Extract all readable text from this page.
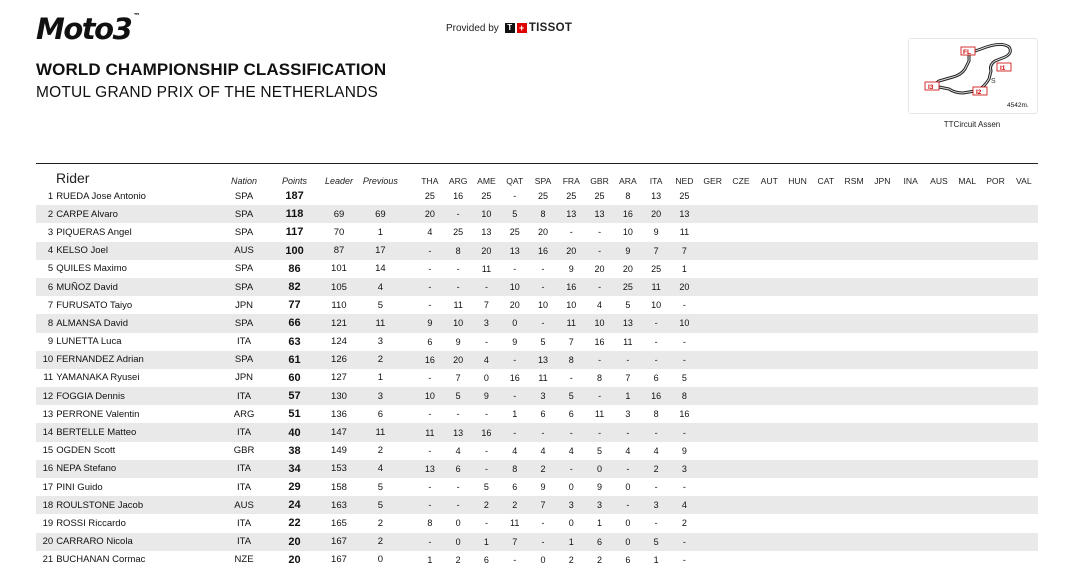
Moto3 ™
Provided by	T + TISSOT
WORLD CHAMPIONSHIP CLASSIFICATION
MOTUL GRAND PRIX OF THE NETHERLANDS
FL
I1
I2
I3
S
4542m.
TTCircuit Assen
Rider		Nation	Points	Leader	Previous		THA	ARG	AME	QAT	SPA	FRA	GBR	ARA	ITA	NED	GER	CZE	AUT	HUN	CAT	RSM	JPN	INA	AUS	MAL	POR	VAL
1	RUEDA Jose Antonio	SPA	187				25	16	25	-	25	25	25	8	13	25												
2	CARPE Alvaro	SPA	118	69	69		20	-	10	5	8	13	13	16	20	13												
3	PIQUERAS Angel	SPA	117	70	1		4	25	13	25	20	-	-	10	9	11												
4	KELSO Joel	AUS	100	87	17		-	8	20	13	16	20	-	9	7	7												
5	QUILES Maximo	SPA	86	101	14		-	-	11	-	-	9	20	20	25	1												
6	MUÑOZ David	SPA	82	105	4		-	-	-	10	-	16	-	25	11	20												
7	FURUSATO Taiyo	JPN	77	110	5		-	11	7	20	10	10	4	5	10	-												
8	ALMANSA David	SPA	66	121	11		9	10	3	0	-	11	10	13	-	10												
9	LUNETTA Luca	ITA	63	124	3		6	9	-	9	5	7	16	11	-	-												
10	FERNANDEZ Adrian	SPA	61	126	2		16	20	4	-	13	8	-	-	-	-												
11	YAMANAKA Ryusei	JPN	60	127	1		-	7	0	16	11	-	8	7	6	5												
12	FOGGIA Dennis	ITA	57	130	3		10	5	9	-	3	5	-	1	16	8												
13	PERRONE Valentin	ARG	51	136	6		-	-	-	1	6	6	11	3	8	16												
14	BERTELLE Matteo	ITA	40	147	11		11	13	16	-	-	-	-	-	-	-												
15	OGDEN Scott	GBR	38	149	2		-	4	-	4	4	4	5	4	4	9												
16	NEPA Stefano	ITA	34	153	4		13	6	-	8	2	-	0	-	2	3												
17	PINI Guido	ITA	29	158	5		-	-	5	6	9	0	9	0	-	-												
18	ROULSTONE Jacob	AUS	24	163	5		-	-	2	2	7	3	3	-	3	4												
19	ROSSI Riccardo	ITA	22	165	2		8	0	-	11	-	0	1	0	-	2												
20	CARRARO Nicola	ITA	20	167	2		-	0	1	7	-	1	6	0	5	-												
21	BUCHANAN Cormac	NZE	20	167	0		1	2	6	-	0	2	2	6	1	-												
